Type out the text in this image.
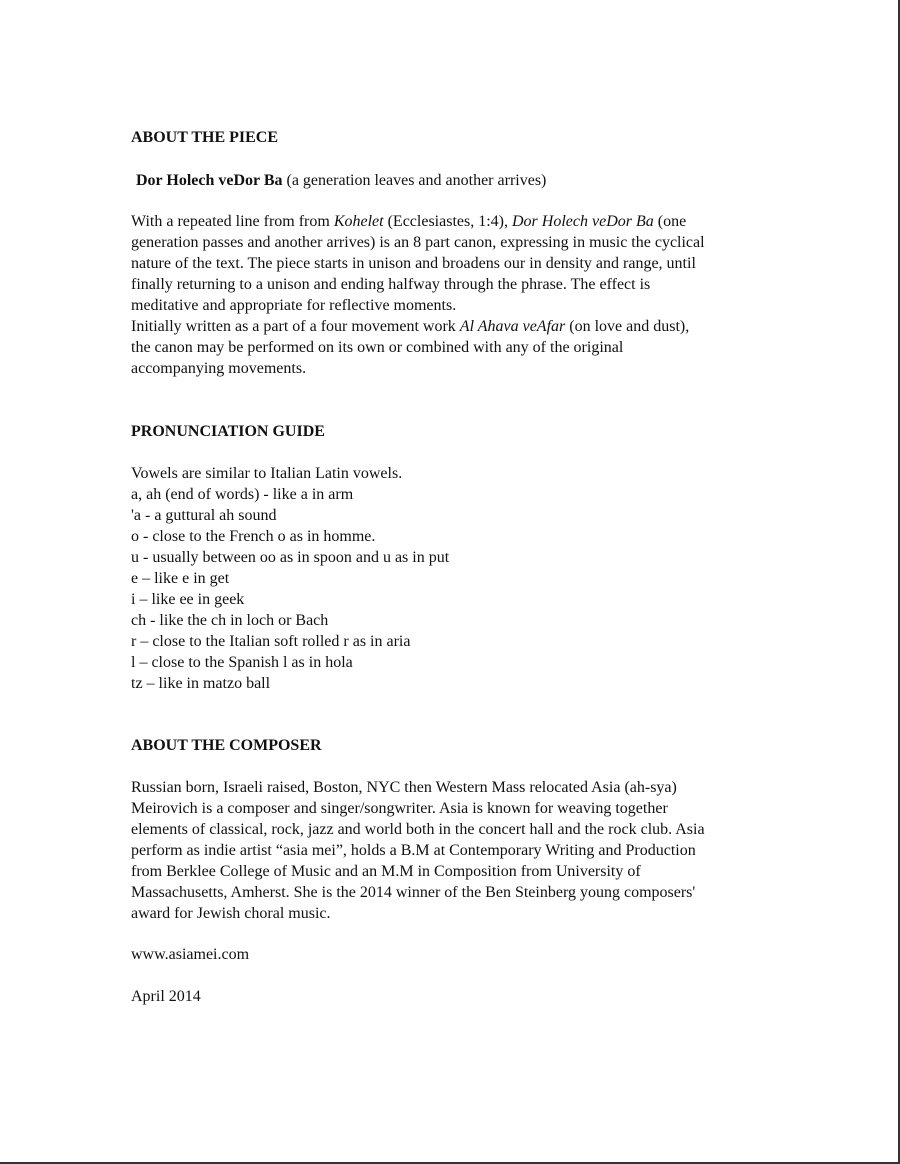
ABOUT THE PIECE
Dor Holech veDor Ba (a generation leaves and another arrives)
With a repeated line from from Kohelet (Ecclesiastes, 1:4), Dor Holech veDor Ba (one
generation passes and another arrives) is an 8 part canon, expressing in music the cyclical
nature of the text. The piece starts in unison and broadens our in density and range, until
finally returning to a unison and ending halfway through the phrase. The effect is
meditative and appropriate for reflective moments.
Initially written as a part of a four movement work Al Ahava veAfar (on love and dust),
the canon may be performed on its own or combined with any of the original
accompanying movements.
PRONUNCIATION GUIDE
Vowels are similar to Italian Latin vowels.
a, ah (end of words) - like a in arm
'a - a guttural ah sound
o - close to the French o as in homme.
u - usually between oo as in spoon and u as in put
e – like e in get
i – like ee in geek
ch - like the ch in loch or Bach
r – close to the Italian soft rolled r as in aria
l – close to the Spanish l as in hola
tz – like in matzo ball
ABOUT THE COMPOSER
Russian born, Israeli raised, Boston, NYC then Western Mass relocated Asia (ah-sya)
Meirovich is a composer and singer/songwriter. Asia is known for weaving together
elements of classical, rock, jazz and world both in the concert hall and the rock club. Asia
perform as indie artist “asia mei”, holds a B.M at Contemporary Writing and Production
from Berklee College of Music and an M.M in Composition from University of
Massachusetts, Amherst. She is the 2014 winner of the Ben Steinberg young composers'
award for Jewish choral music.
www.asiamei.com
April 2014
